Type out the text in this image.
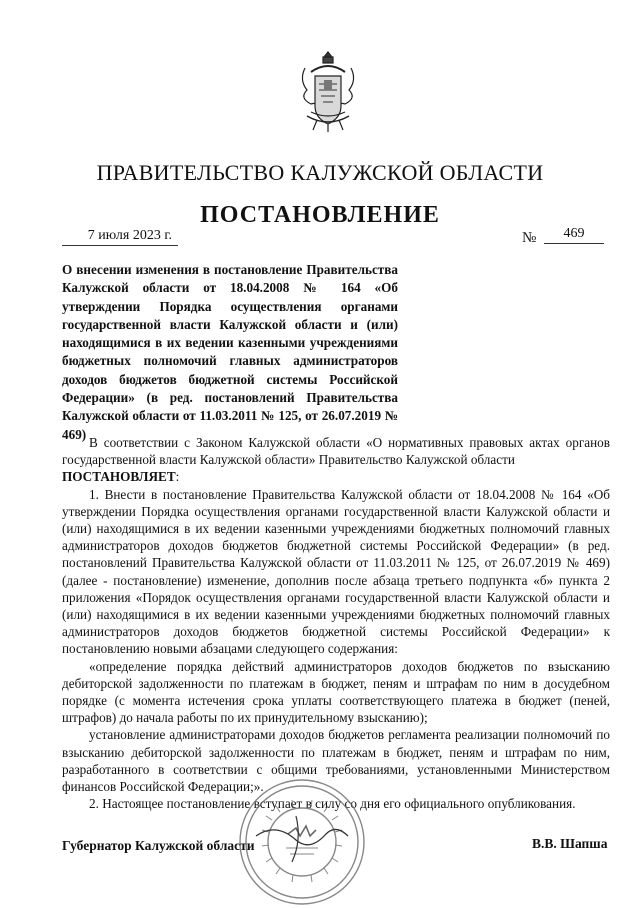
ПРАВИТЕЛЬСТВО КАЛУЖСКОЙ ОБЛАСТИ
ПОСТАНОВЛЕНИЕ
7 июля 2023 г.	№	469
О внесении изменения в постановление Правительства Калужской области от 18.04.2008 № 164 «Об утверждении Порядка осуществления органами государственной власти Калужской области и (или) находящимися в их ведении казенными учреждениями бюджетных полномочий главных администраторов доходов бюджетов бюджетной системы Российской Федерации» (в ред. постановлений Правительства Калужской области от 11.03.2011 № 125, от 26.07.2019 № 469)

В соответствии с Законом Калужской области «О нормативных правовых актах органов государственной власти Калужской области» Правительство Калужской области

ПОСТАНОВЛЯЕТ:

1. Внести в постановление Правительства Калужской области от 18.04.2008 № 164 «Об утверждении Порядка осуществления органами государственной власти Калужской области и (или) находящимися в их ведении казенными учреждениями бюджетных полномочий главных администраторов доходов бюджетов бюджетной системы Российской Федерации» (в ред. постановлений Правительства Калужской области от 11.03.2011 № 125, от 26.07.2019 № 469) (далее - постановление) изменение, дополнив после абзаца третьего подпункта «б» пункта 2 приложения «Порядок осуществления органами государственной власти Калужской области и (или) находящимися в их ведении казенными учреждениями бюджетных полномочий главных администраторов доходов бюджетов бюджетной системы Российской Федерации» к постановлению новыми абзацами следующего содержания:

«определение порядка действий администраторов доходов бюджетов по взысканию дебиторской задолженности по платежам в бюджет, пеням и штрафам по ним в досудебном порядке (с момента истечения срока уплаты соответствующего платежа в бюджет (пеней, штрафов) до начала работы по их принудительному взысканию);

установление администраторами доходов бюджетов регламента реализации полномочий по взысканию дебиторской задолженности по платежам в бюджет, пеням и штрафам по ним, разработанного в соответствии с общими требованиями, установленными Министерством финансов Российской Федерации;».

2. Настоящее постановление вступает в силу со дня его официального опубликования.

Губернатор Калужской области	В.В. Шапша
